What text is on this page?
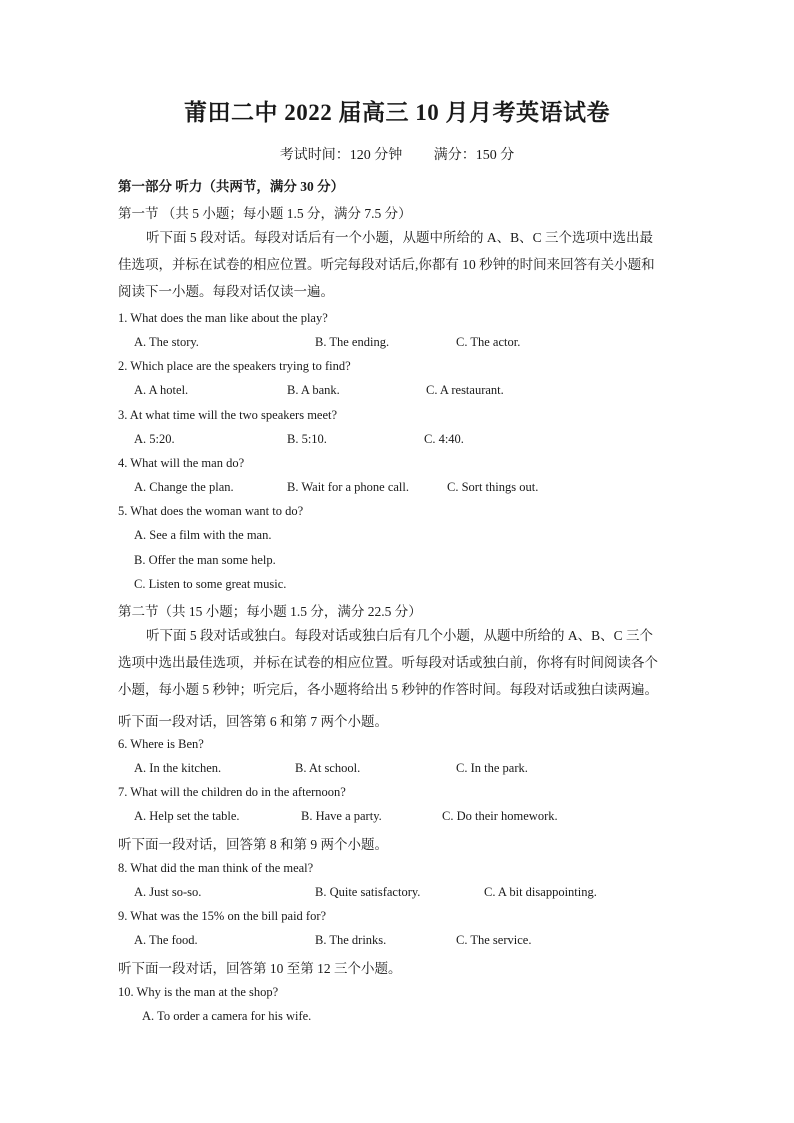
莆田二中 2022 届高三 10 月月考英语试卷
考试时间：120 分钟         满分：150 分
第一部分 听力（共两节，满分 30 分）
第一节 （共 5 小题；每小题 1.5 分，满分 7.5 分）

听下面 5 段对话。每段对话后有一个小题，从题中所给的 A、B、C 三个选项中选出最

佳选项，并标在试卷的相应位置。听完每段对话后,你都有 10 秒钟的时间来回答有关小题和

阅读下一小题。每段对话仅读一遍。

1. What does the man like about the play?
A. The story.	B. The ending.	C. The actor.
2. Which place are the speakers trying to find?
A. A hotel.	B. A bank.	C. A restaurant.
3. At what time will the two speakers meet?
A. 5:20.	B. 5:10.	C. 4:40.
4. What will the man do?
A. Change the plan.	B. Wait for a phone call.	C. Sort things out.
5. What does the woman want to do?
A. See a film with the man.
B. Offer the man some help.
C. Listen to some great music.
第二节（共 15 小题；每小题 1.5 分，满分 22.5 分）

听下面 5 段对话或独白。每段对话或独白后有几个小题，从题中所给的 A、B、C 三个

选项中选出最佳选项，并标在试卷的相应位置。听每段对话或独白前，你将有时间阅读各个

小题，每小题 5 秒钟；听完后，各小题将给出 5 秒钟的作答时间。每段对话或独白读两遍。

听下面一段对话，回答第 6 和第 7 两个小题。
6. Where is Ben?
A. In the kitchen.	B. At school.	C. In the park.
7. What will the children do in the afternoon?
A. Help set the table.	B. Have a party.	C. Do their homework.
听下面一段对话，回答第 8 和第 9 两个小题。
8. What did the man think of the meal?
A. Just so-so.	B. Quite satisfactory.	C. A bit disappointing.
9. What was the 15% on the bill paid for?
A. The food.	B. The drinks.	C. The service.
听下面一段对话，回答第 10 至第 12 三个小题。
10. Why is the man at the shop?
A. To order a camera for his wife.
